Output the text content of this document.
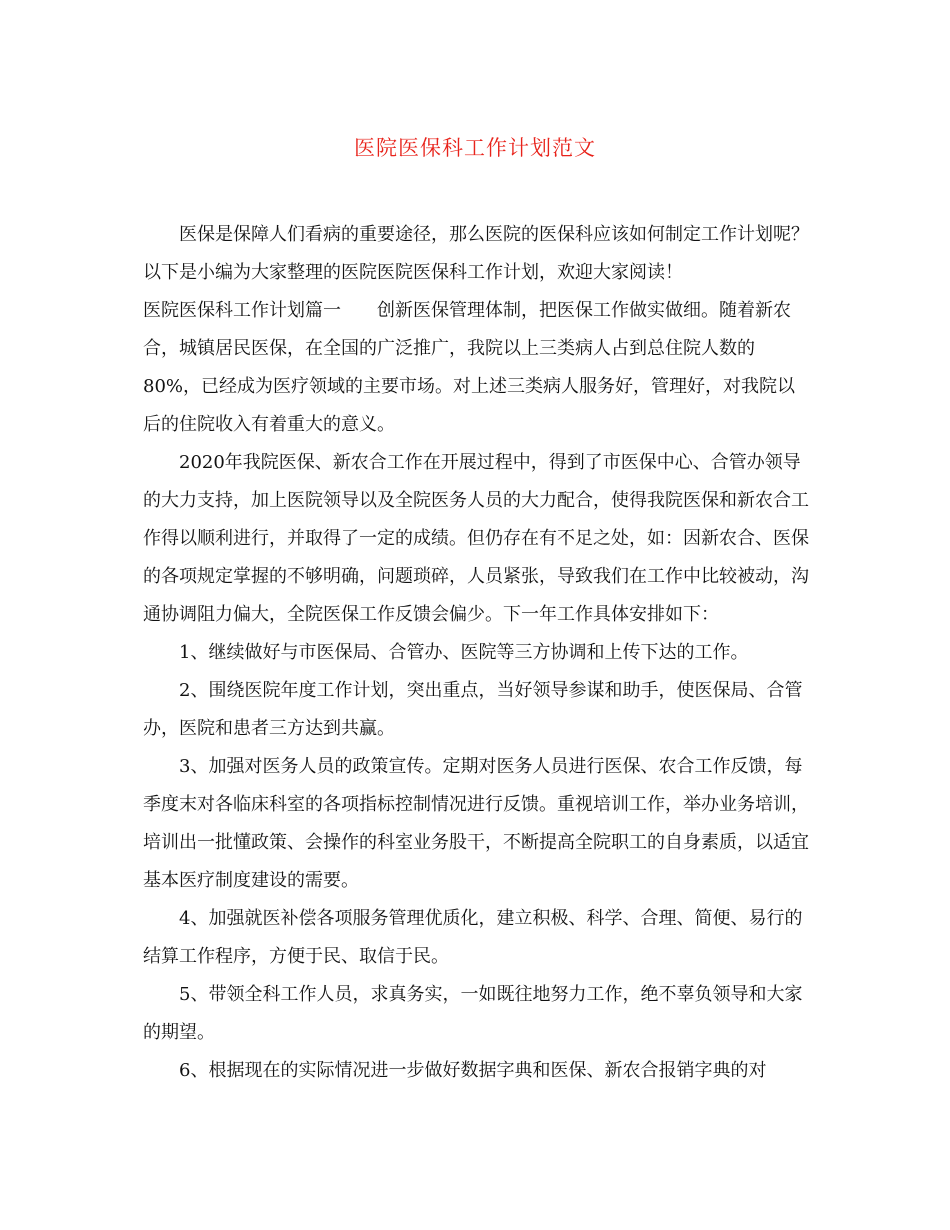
医院医保科工作计划范文

医保是保障人们看病的重要途径，那么医院的医保科应该如何制定工作计划呢？以下是小编为大家整理的医院医院医保科工作计划，欢迎大家阅读！

医院医保科工作计划篇一　　创新医保管理体制，把医保工作做实做细。随着新农合，城镇居民医保，在全国的广泛推广，我院以上三类病人占到总住院人数的80%，已经成为医疗领域的主要市场。对上述三类病人服务好，管理好，对我院以后的住院收入有着重大的意义。

2020年我院医保、新农合工作在开展过程中，得到了市医保中心、合管办领导的大力支持，加上医院领导以及全院医务人员的大力配合，使得我院医保和新农合工作得以顺利进行，并取得了一定的成绩。但仍存在有不足之处，如：因新农合、医保的各项规定掌握的不够明确，问题琐碎，人员紧张，导致我们在工作中比较被动，沟通协调阻力偏大，全院医保工作反馈会偏少。下一年工作具体安排如下：

1、继续做好与市医保局、合管办、医院等三方协调和上传下达的工作。

2、围绕医院年度工作计划，突出重点，当好领导参谋和助手，使医保局、合管办，医院和患者三方达到共赢。

3、加强对医务人员的政策宣传。定期对医务人员进行医保、农合工作反馈，每季度末对各临床科室的各项指标控制情况进行反馈。重视培训工作，举办业务培训，培训出一批懂政策、会操作的科室业务股干，不断提高全院职工的自身素质，以适宜基本医疗制度建设的需要。

4、加强就医补偿各项服务管理优质化，建立积极、科学、合理、简便、易行的结算工作程序，方便于民、取信于民。

5、带领全科工作人员，求真务实，一如既往地努力工作，绝不辜负领导和大家的期望。

6、根据现在的实际情况进一步做好数据字典和医保、新农合报销字典的对
